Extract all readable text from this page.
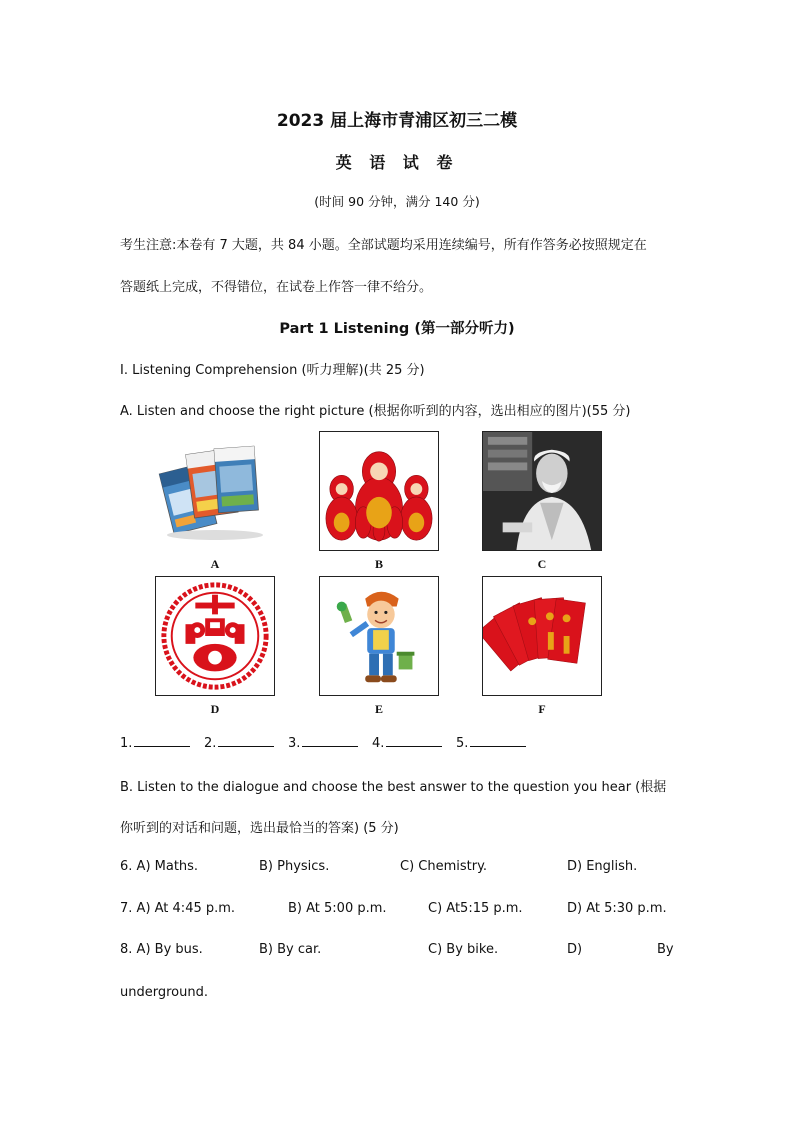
2023 届上海市青浦区初三二模
英 语 试 卷
(时间 90 分钟，满分 140 分)
考生注意:本卷有 7 大题，共 84 小题。全部试题均采用连续编号，所有作答务必按照规定在
答题纸上完成，不得错位，在试卷上作答一律不给分。
Part 1 Listening (第一部分听力)
I. Listening Comprehension (听力理解)(共 25 分)
A. Listen and choose the right picture (根据你听到的内容，选出相应的图片)(55 分)
A	B	C
D	E	F
1.	2.	3.	4.	5.
B. Listen to the dialogue and choose the best answer to the question you hear (根据
你听到的对话和问题，选出最恰当的答案) (5 分)
6. A) Maths.	B) Physics.	C) Chemistry.	D) English.
7. A) At 4:45 p.m.	B) At 5:00 p.m.	C) At5:15 p.m.	D) At 5:30 p.m.
8. A) By bus.	B) By car.	C) By bike.	D)	By
underground.
